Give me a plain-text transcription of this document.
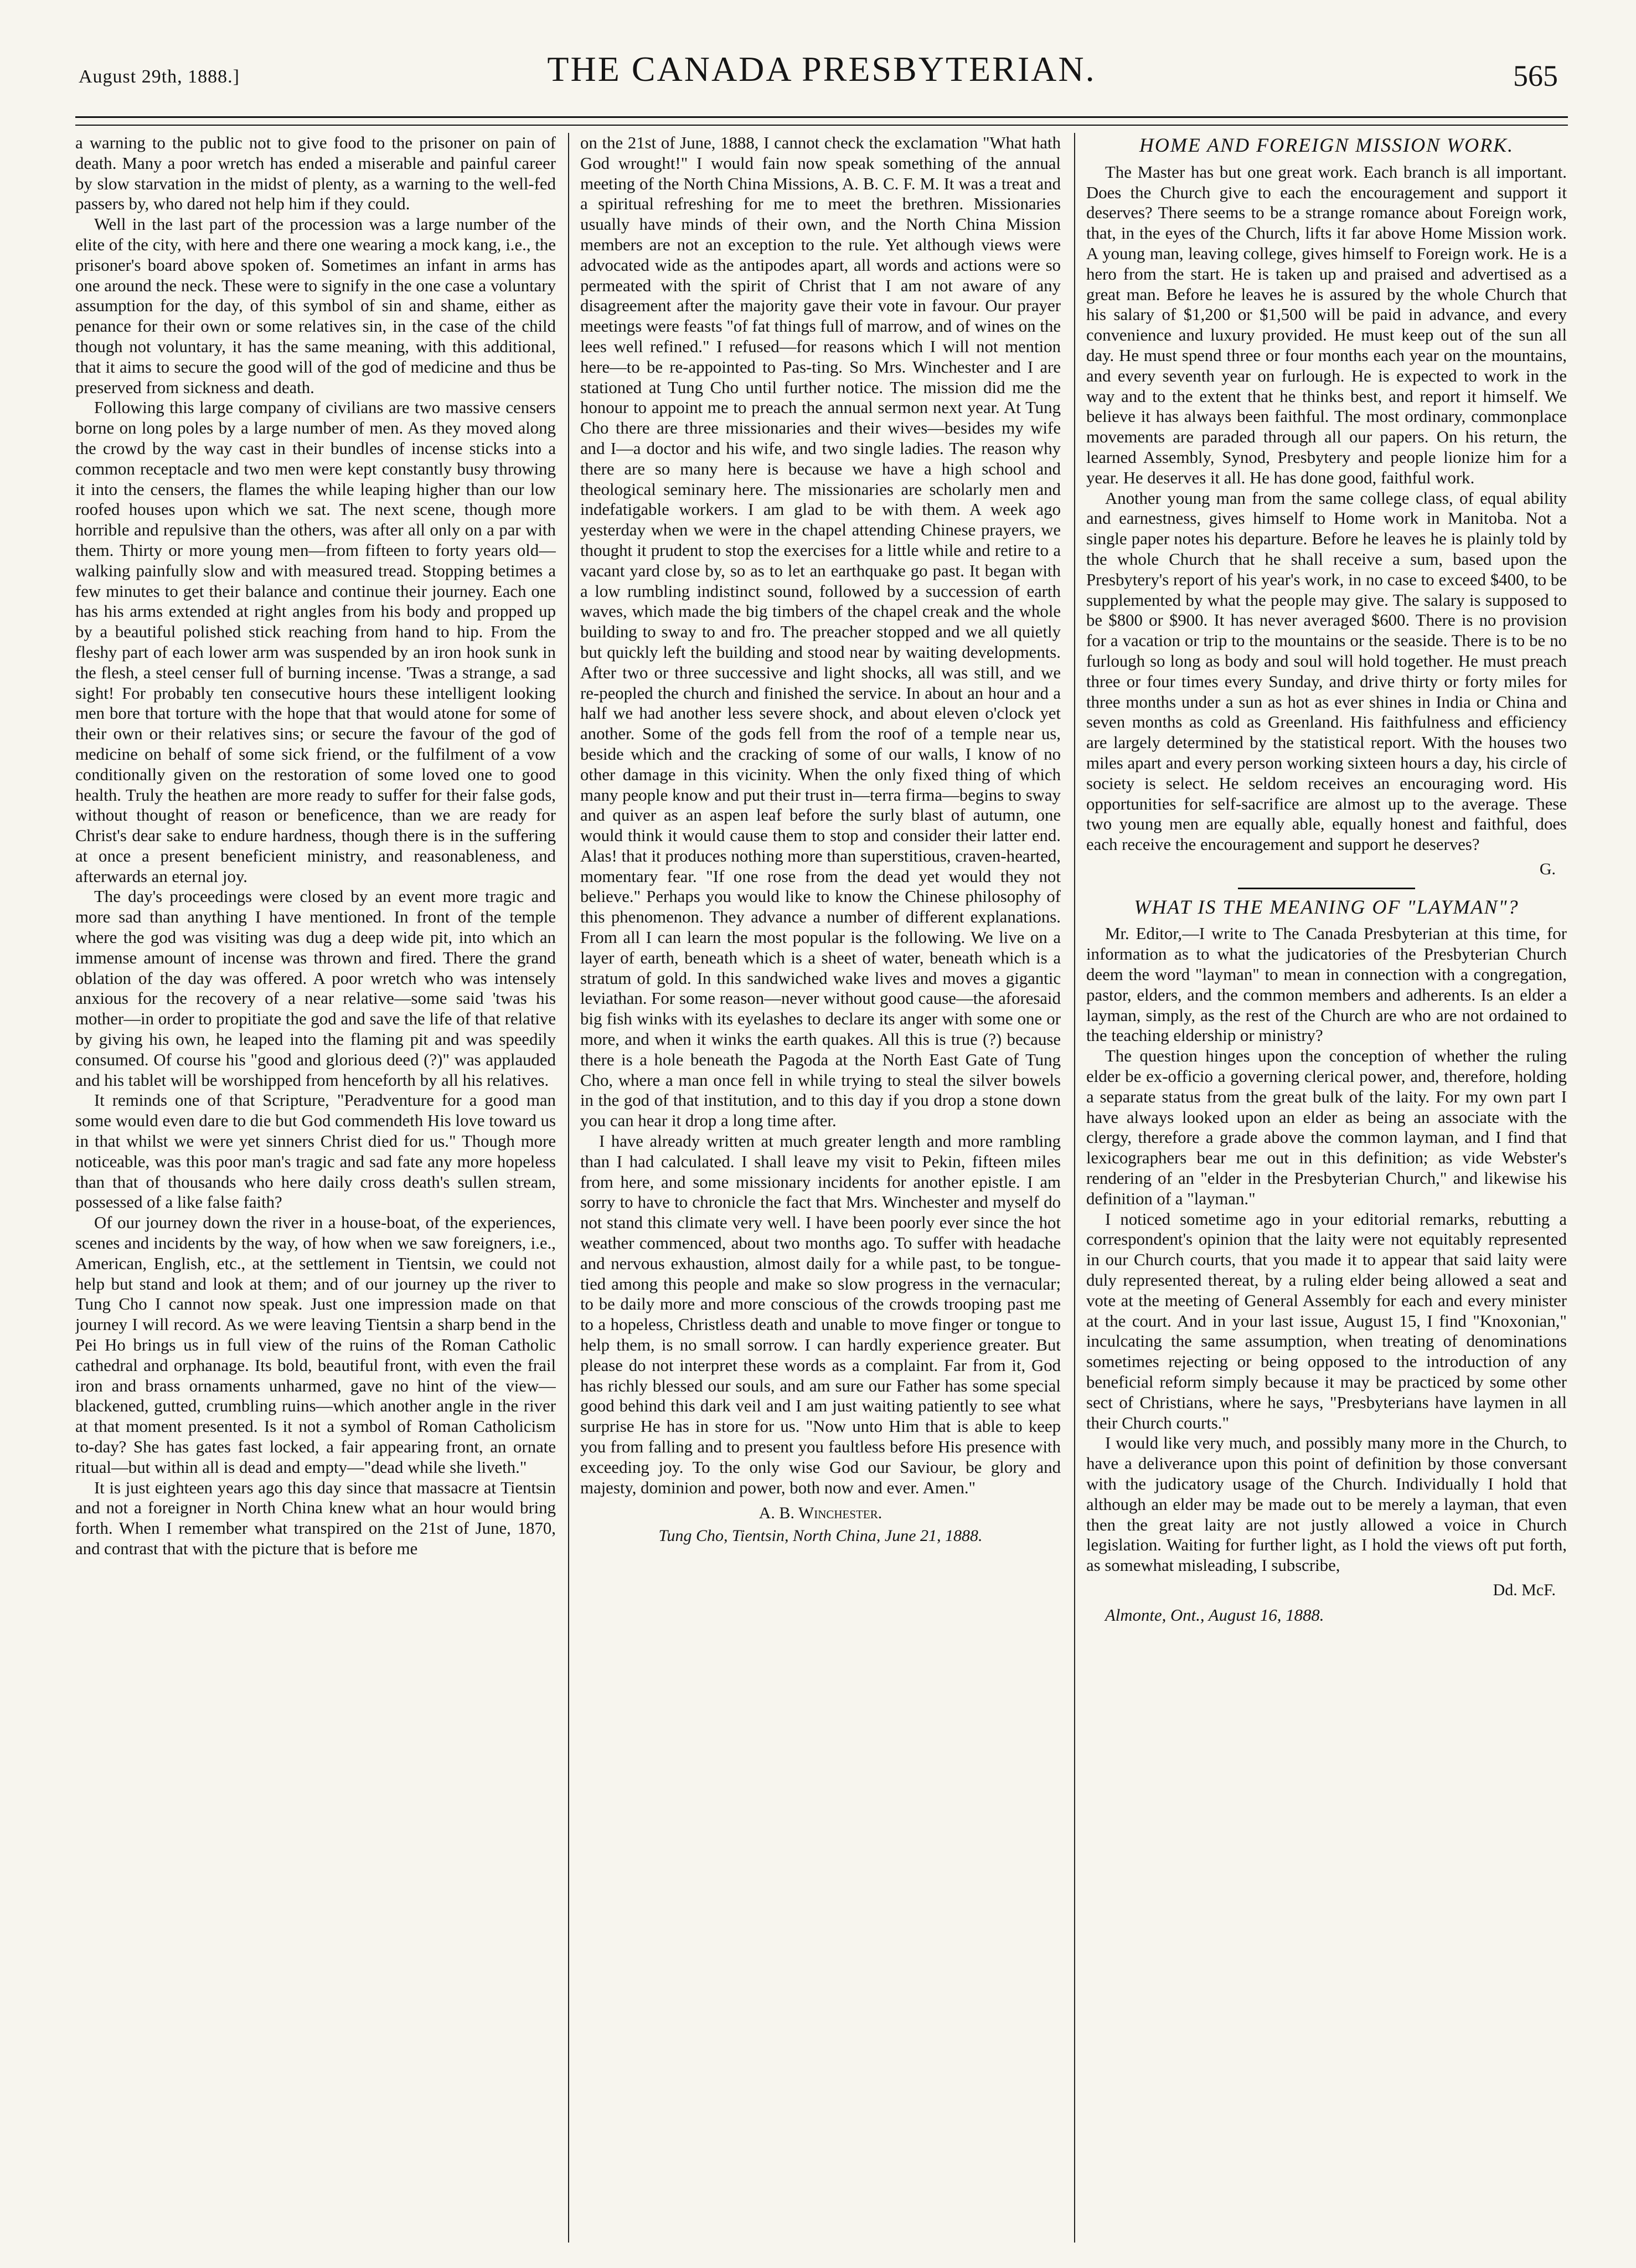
August 29th, 1888.]	THE CANADA PRESBYTERIAN.	565

a warning to the public not to give food to the prisoner on pain of death. Many a poor wretch has ended a miserable and painful career by slow starvation in the midst of plenty, as a warning to the well-fed passers by, who dared not help him if they could.

Well in the last part of the procession was a large number of the elite of the city, with here and there one wearing a mock kang, i.e., the prisoner's board above spoken of. Sometimes an infant in arms has one around the neck. These were to signify in the one case a voluntary assumption for the day, of this symbol of sin and shame, either as penance for their own or some relatives sin, in the case of the child though not voluntary, it has the same meaning, with this additional, that it aims to secure the good will of the god of medicine and thus be preserved from sickness and death.

Following this large company of civilians are two massive censers borne on long poles by a large number of men. As they moved along the crowd by the way cast in their bundles of incense sticks into a common receptacle and two men were kept constantly busy throwing it into the censers, the flames the while leaping higher than our low roofed houses upon which we sat. The next scene, though more horrible and repulsive than the others, was after all only on a par with them. Thirty or more young men—from fifteen to forty years old—walking painfully slow and with measured tread. Stopping betimes a few minutes to get their balance and continue their journey. Each one has his arms extended at right angles from his body and propped up by a beautiful polished stick reaching from hand to hip. From the fleshy part of each lower arm was suspended by an iron hook sunk in the flesh, a steel censer full of burning incense. 'Twas a strange, a sad sight! For probably ten consecutive hours these intelligent looking men bore that torture with the hope that that would atone for some of their own or their relatives sins; or secure the favour of the god of medicine on behalf of some sick friend, or the fulfilment of a vow conditionally given on the restoration of some loved one to good health. Truly the heathen are more ready to suffer for their false gods, without thought of reason or beneficence, than we are ready for Christ's dear sake to endure hardness, though there is in the suffering at once a present beneficient ministry, and reasonableness, and afterwards an eternal joy.

The day's proceedings were closed by an event more tragic and more sad than anything I have mentioned. In front of the temple where the god was visiting was dug a deep wide pit, into which an immense amount of incense was thrown and fired. There the grand oblation of the day was offered. A poor wretch who was intensely anxious for the recovery of a near relative—some said 'twas his mother—in order to propitiate the god and save the life of that relative by giving his own, he leaped into the flaming pit and was speedily consumed. Of course his "good and glorious deed (?)" was applauded and his tablet will be worshipped from henceforth by all his relatives.

It reminds one of that Scripture, "Peradventure for a good man some would even dare to die but God commendeth His love toward us in that whilst we were yet sinners Christ died for us." Though more noticeable, was this poor man's tragic and sad fate any more hopeless than that of thousands who here daily cross death's sullen stream, possessed of a like false faith?

Of our journey down the river in a house-boat, of the experiences, scenes and incidents by the way, of how when we saw foreigners, i.e., American, English, etc., at the settlement in Tientsin, we could not help but stand and look at them; and of our journey up the river to Tung Cho I cannot now speak. Just one impression made on that journey I will record. As we were leaving Tientsin a sharp bend in the Pei Ho brings us in full view of the ruins of the Roman Catholic cathedral and orphanage. Its bold, beautiful front, with even the frail iron and brass ornaments unharmed, gave no hint of the view—blackened, gutted, crumbling ruins—which another angle in the river at that moment presented. Is it not a symbol of Roman Catholicism to-day? She has gates fast locked, a fair appearing front, an ornate ritual—but within all is dead and empty—"dead while she liveth."

It is just eighteen years ago this day since that massacre at Tientsin and not a foreigner in North China knew what an hour would bring forth. When I remember what transpired on the 21st of June, 1870, and contrast that with the picture that is before me

on the 21st of June, 1888, I cannot check the exclamation "What hath God wrought!" I would fain now speak something of the annual meeting of the North China Missions, A. B. C. F. M. It was a treat and a spiritual refreshing for me to meet the brethren. Missionaries usually have minds of their own, and the North China Mission members are not an exception to the rule. Yet although views were advocated wide as the antipodes apart, all words and actions were so permeated with the spirit of Christ that I am not aware of any disagreement after the majority gave their vote in favour. Our prayer meetings were feasts "of fat things full of marrow, and of wines on the lees well refined." I refused—for reasons which I will not mention here—to be re-appointed to Pas-ting. So Mrs. Winchester and I are stationed at Tung Cho until further notice. The mission did me the honour to appoint me to preach the annual sermon next year. At Tung Cho there are three missionaries and their wives—besides my wife and I—a doctor and his wife, and two single ladies. The reason why there are so many here is because we have a high school and theological seminary here. The missionaries are scholarly men and indefatigable workers. I am glad to be with them. A week ago yesterday when we were in the chapel attending Chinese prayers, we thought it prudent to stop the exercises for a little while and retire to a vacant yard close by, so as to let an earthquake go past. It began with a low rumbling indistinct sound, followed by a succession of earth waves, which made the big timbers of the chapel creak and the whole building to sway to and fro. The preacher stopped and we all quietly but quickly left the building and stood near by waiting developments. After two or three successive and light shocks, all was still, and we re-peopled the church and finished the service. In about an hour and a half we had another less severe shock, and about eleven o'clock yet another. Some of the gods fell from the roof of a temple near us, beside which and the cracking of some of our walls, I know of no other damage in this vicinity. When the only fixed thing of which many people know and put their trust in—terra firma—begins to sway and quiver as an aspen leaf before the surly blast of autumn, one would think it would cause them to stop and consider their latter end. Alas! that it produces nothing more than superstitious, craven-hearted, momentary fear. "If one rose from the dead yet would they not believe." Perhaps you would like to know the Chinese philosophy of this phenomenon. They advance a number of different explanations. From all I can learn the most popular is the following. We live on a layer of earth, beneath which is a sheet of water, beneath which is a stratum of gold. In this sandwiched wake lives and moves a gigantic leviathan. For some reason—never without good cause—the aforesaid big fish winks with its eyelashes to declare its anger with some one or more, and when it winks the earth quakes. All this is true (?) because there is a hole beneath the Pagoda at the North East Gate of Tung Cho, where a man once fell in while trying to steal the silver bowels in the god of that institution, and to this day if you drop a stone down you can hear it drop a long time after.

I have already written at much greater length and more rambling than I had calculated. I shall leave my visit to Pekin, fifteen miles from here, and some missionary incidents for another epistle. I am sorry to have to chronicle the fact that Mrs. Winchester and myself do not stand this climate very well. I have been poorly ever since the hot weather commenced, about two months ago. To suffer with headache and nervous exhaustion, almost daily for a while past, to be tongue-tied among this people and make so slow progress in the vernacular; to be daily more and more conscious of the crowds trooping past me to a hopeless, Christless death and unable to move finger or tongue to help them, is no small sorrow. I can hardly experience greater. But please do not interpret these words as a complaint. Far from it, God has richly blessed our souls, and am sure our Father has some special good behind this dark veil and I am just waiting patiently to see what surprise He has in store for us. "Now unto Him that is able to keep you from falling and to present you faultless before His presence with exceeding joy. To the only wise God our Saviour, be glory and majesty, dominion and power, both now and ever. Amen."

A. B. Winchester.
Tung Cho, Tientsin, North China, June 21, 1888.
HOME AND FOREIGN MISSION WORK.

The Master has but one great work. Each branch is all important. Does the Church give to each the encouragement and support it deserves? There seems to be a strange romance about Foreign work, that, in the eyes of the Church, lifts it far above Home Mission work. A young man, leaving college, gives himself to Foreign work. He is a hero from the start. He is taken up and praised and advertised as a great man. Before he leaves he is assured by the whole Church that his salary of $1,200 or $1,500 will be paid in advance, and every convenience and luxury provided. He must keep out of the sun all day. He must spend three or four months each year on the mountains, and every seventh year on furlough. He is expected to work in the way and to the extent that he thinks best, and report it himself. We believe it has always been faithful. The most ordinary, commonplace movements are paraded through all our papers. On his return, the learned Assembly, Synod, Presbytery and people lionize him for a year. He deserves it all. He has done good, faithful work.

Another young man from the same college class, of equal ability and earnestness, gives himself to Home work in Manitoba. Not a single paper notes his departure. Before he leaves he is plainly told by the whole Church that he shall receive a sum, based upon the Presbytery's report of his year's work, in no case to exceed $400, to be supplemented by what the people may give. The salary is supposed to be $800 or $900. It has never averaged $600. There is no provision for a vacation or trip to the mountains or the seaside. There is to be no furlough so long as body and soul will hold together. He must preach three or four times every Sunday, and drive thirty or forty miles for three months under a sun as hot as ever shines in India or China and seven months as cold as Greenland. His faithfulness and efficiency are largely determined by the statistical report. With the houses two miles apart and every person working sixteen hours a day, his circle of society is select. He seldom receives an encouraging word. His opportunities for self-sacrifice are almost up to the average. These two young men are equally able, equally honest and faithful, does each receive the encouragement and support he deserves?

G.
WHAT IS THE MEANING OF "LAYMAN"?

Mr. Editor,—I write to The Canada Presbyterian at this time, for information as to what the judicatories of the Presbyterian Church deem the word "layman" to mean in connection with a congregation, pastor, elders, and the common members and adherents. Is an elder a layman, simply, as the rest of the Church are who are not ordained to the teaching eldership or ministry?

The question hinges upon the conception of whether the ruling elder be ex-officio a governing clerical power, and, therefore, holding a separate status from the great bulk of the laity. For my own part I have always looked upon an elder as being an associate with the clergy, therefore a grade above the common layman, and I find that lexicographers bear me out in this definition; as vide Webster's rendering of an "elder in the Presbyterian Church," and likewise his definition of a "layman."

I noticed sometime ago in your editorial remarks, rebutting a correspondent's opinion that the laity were not equitably represented in our Church courts, that you made it to appear that said laity were duly represented thereat, by a ruling elder being allowed a seat and vote at the meeting of General Assembly for each and every minister at the court. And in your last issue, August 15, I find "Knoxonian," inculcating the same assumption, when treating of denominations sometimes rejecting or being opposed to the introduction of any beneficial reform simply because it may be practiced by some other sect of Christians, where he says, "Presbyterians have laymen in all their Church courts."

I would like very much, and possibly many more in the Church, to have a deliverance upon this point of definition by those conversant with the judicatory usage of the Church. Individually I hold that although an elder may be made out to be merely a layman, that even then the great laity are not justly allowed a voice in Church legislation. Waiting for further light, as I hold the views oft put forth, as somewhat misleading, I subscribe,

Dd. McF.
Almonte, Ont., August 16, 1888.
